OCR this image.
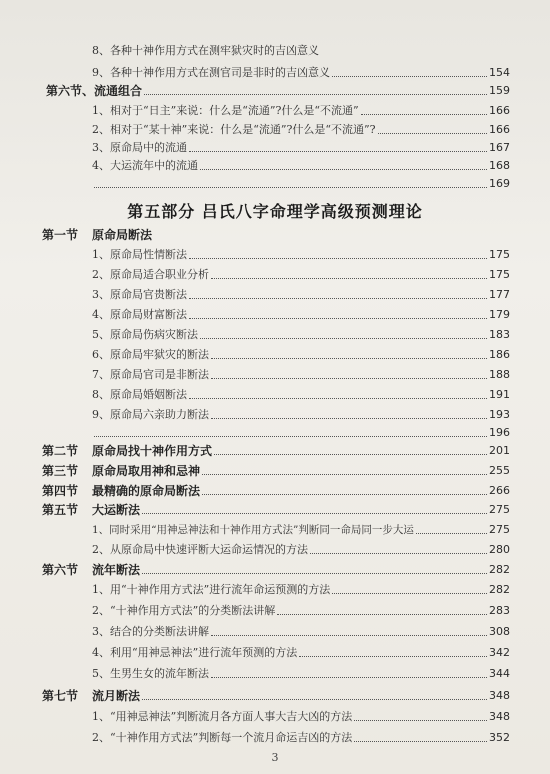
8、各种十神作用方式在测牢狱灾时的吉凶意义
9、各种十神作用方式在测官司是非时的吉凶意义	154
第六节、流通组合	159
1、相对于“日主”来说：什么是“流通”?什么是“不流通”	166
2、相对于“某十神”来说：什么是“流通”?什么是“不流通”?	166
3、原命局中的流通	167
4、大运流年中的流通	168
169
第五部分 吕氏八字命理学高级预测理论
第一节 原命局断法
1、原命局性情断法	175
2、原命局适合职业分析	175
3、原命局官贵断法	177
4、原命局财富断法	179
5、原命局伤病灾断法	183
6、原命局牢狱灾的断法	186
7、原命局官司是非断法	188
8、原命局婚姻断法	191
9、原命局六亲助力断法	193
196
第二节 原命局找十神作用方式	201
第三节 原命局取用神和忌神	255
第四节 最精确的原命局断法	266
第五节 大运断法	275
1、同时采用“用神忌神法和十神作用方式法”判断同一命局同一步大运	275
2、从原命局中快速评断大运命运情况的方法	280
第六节 流年断法	282
1、用“十神作用方式法”进行流年命运预测的方法	282
2、“十神作用方式法”的分类断法讲解	283
3、结合的分类断法讲解	308
4、利用“用神忌神法”进行流年预测的方法	342
5、生男生女的流年断法	344
第七节 流月断法	348
1、“用神忌神法”判断流月各方面人事大吉大凶的方法	348
2、“十神作用方式法”判断每一个流月命运吉凶的方法	352
3
